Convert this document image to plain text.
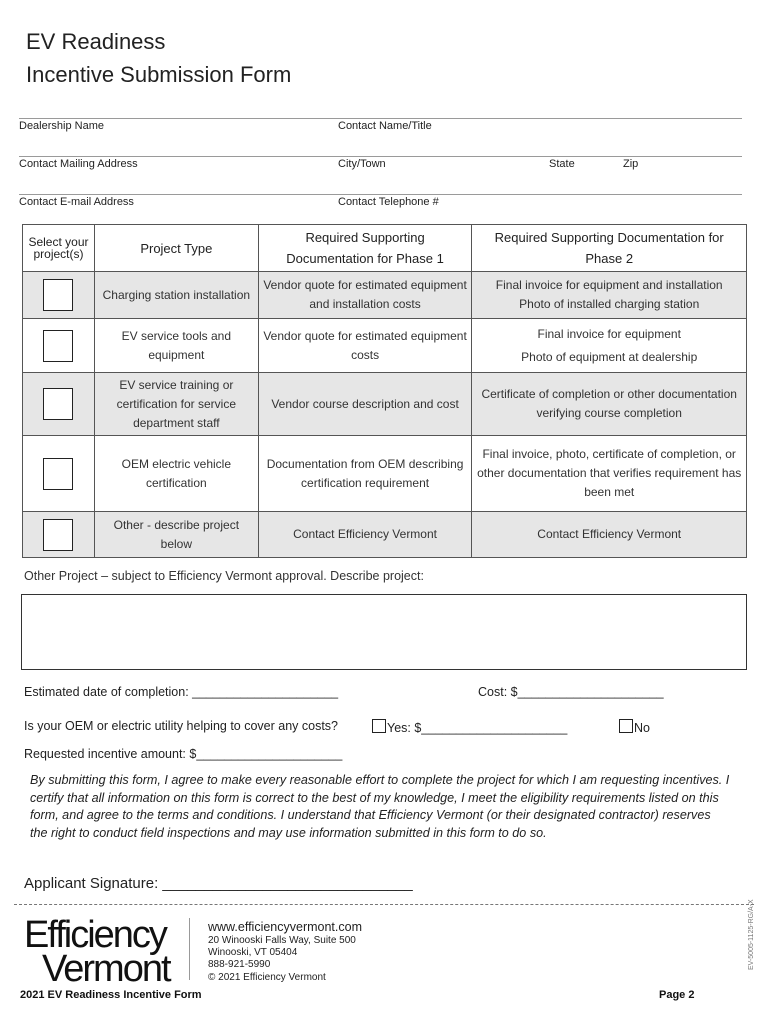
EV Readiness
Incentive Submission Form
Dealership Name	Contact Name/Title
Contact Mailing Address	City/Town	State	Zip
Contact E-mail Address	Contact Telephone #
Select your project(s)	Project Type	Required Supporting Documentation for Phase 1	Required Supporting Documentation for Phase 2

	Charging station installation	Vendor quote for estimated equipment and installation costs	Final invoice for equipment and installation
Photo of installed charging station

	EV service tools and equipment	Vendor quote for estimated equipment costs	Final invoice for equipment
Photo of equipment at dealership

	EV service training or certification for service department staff	Vendor course description and cost	Certificate of completion or other documentation verifying course completion

	OEM electric vehicle certification	Documentation from OEM describing certification requirement	Final invoice, photo, certificate of completion, or other documentation that verifies requirement has been met

	Other - describe project below	Contact Efficiency Vermont	Contact Efficiency Vermont
Other Project – subject to Efficiency Vermont approval. Describe project:
Estimated date of completion: _____________________	Cost: $_____________________
Is your OEM or electric utility helping to cover any costs?	Yes: $_____________________	No
Requested incentive amount: $_____________________
By submitting this form, I agree to make every reasonable effort to complete the project for which I am requesting incentives. I certify that all information on this form is correct to the best of my knowledge, I meet the eligibility requirements listed on this form, and agree to the terms and conditions. I understand that Efficiency Vermont (or their designated contractor) reserves the right to conduct field inspections and may use information submitted in this form to do so.
Applicant Signature: ______________________________
Efficiency
Vermont
www.efficiencyvermont.com
20 Winooski Falls Way, Suite 500
Winooski, VT 05404
888-921-5990
© 2021 Efficiency Vermont
2021 EV Readiness Incentive Form	Page 2
EV-5005-1125-RG/A-X
